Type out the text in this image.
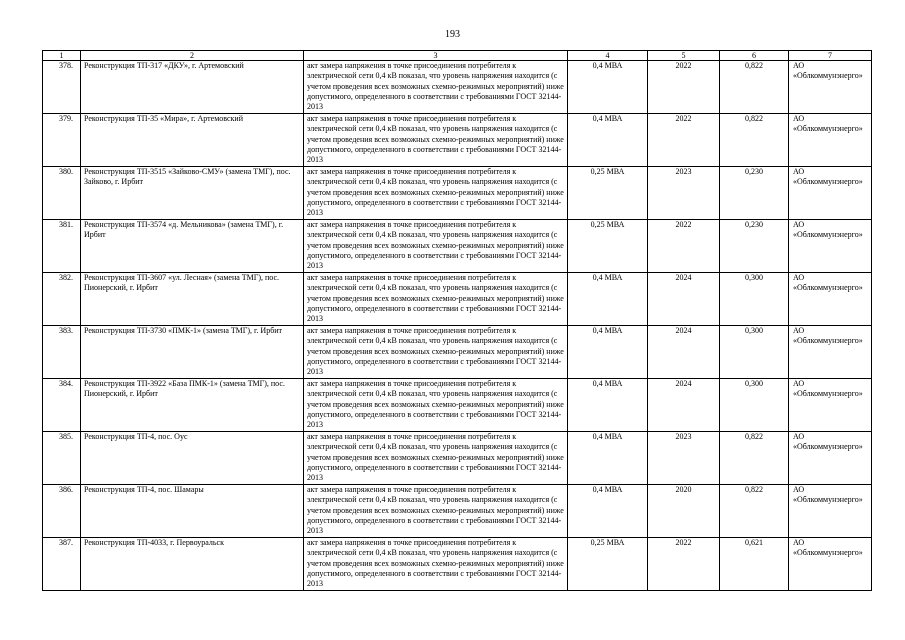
193
1	2	3	4	5	6	7
378.	Реконструкция ТП-317 «ДКУ», г. Артемовский	акт замера напряжения в точке присоединения потребителя к электрической сети 0,4 кВ показал, что уровень напряжения находится (с учетом проведения всех возможных схемно-режимных мероприятий) ниже допустимого, определенного в соответствии с требованиями ГОСТ 32144-2013	0,4 МВА	2022	0,822	АО «Облкоммунэнерго»
379.	Реконструкция ТП-35 «Мира», г. Артемовский	акт замера напряжения в точке присоединения потребителя к электрической сети 0,4 кВ показал, что уровень напряжения находится (с учетом проведения всех возможных схемно-режимных мероприятий) ниже допустимого, определенного в соответствии с требованиями ГОСТ 32144-2013	0,4 МВА	2022	0,822	АО «Облкоммунэнерго»
380.	Реконструкция ТП-3515 «Зайково-СМУ» (замена ТМГ), пос. Зайково, г. Ирбит	акт замера напряжения в точке присоединения потребителя к электрической сети 0,4 кВ показал, что уровень напряжения находится (с учетом проведения всех возможных схемно-режимных мероприятий) ниже допустимого, определенного в соответствии с требованиями ГОСТ 32144-2013	0,25 МВА	2023	0,230	АО «Облкоммунэнерго»
381.	Реконструкция ТП-3574 «д. Мельникова» (замена ТМГ), г. Ирбит	акт замера напряжения в точке присоединения потребителя к электрической сети 0,4 кВ показал, что уровень напряжения находится (с учетом проведения всех возможных схемно-режимных мероприятий) ниже допустимого, определенного в соответствии с требованиями ГОСТ 32144-2013	0,25 МВА	2022	0,230	АО «Облкоммунэнерго»
382.	Реконструкция ТП-3607 «ул. Лесная» (замена ТМГ), пос. Пионерский, г. Ирбит	акт замера напряжения в точке присоединения потребителя к электрической сети 0,4 кВ показал, что уровень напряжения находится (с учетом проведения всех возможных схемно-режимных мероприятий) ниже допустимого, определенного в соответствии с требованиями ГОСТ 32144-2013	0,4 МВА	2024	0,300	АО «Облкоммунэнерго»
383.	Реконструкция ТП-3730 «ПМК-1» (замена ТМГ), г. Ирбит	акт замера напряжения в точке присоединения потребителя к электрической сети 0,4 кВ показал, что уровень напряжения находится (с учетом проведения всех возможных схемно-режимных мероприятий) ниже допустимого, определенного в соответствии с требованиями ГОСТ 32144-2013	0,4 МВА	2024	0,300	АО «Облкоммунэнерго»
384.	Реконструкция ТП-3922 «База ПМК-1» (замена ТМГ), пос. Пионерский, г. Ирбит	акт замера напряжения в точке присоединения потребителя к электрической сети 0,4 кВ показал, что уровень напряжения находится (с учетом проведения всех возможных схемно-режимных мероприятий) ниже допустимого, определенного в соответствии с требованиями ГОСТ 32144-2013	0,4 МВА	2024	0,300	АО «Облкоммунэнерго»
385.	Реконструкция ТП-4, пос. Оус	акт замера напряжения в точке присоединения потребителя к электрической сети 0,4 кВ показал, что уровень напряжения находится (с учетом проведения всех возможных схемно-режимных мероприятий) ниже допустимого, определенного в соответствии с требованиями ГОСТ 32144-2013	0,4 МВА	2023	0,822	АО «Облкоммунэнерго»
386.	Реконструкция ТП-4, пос. Шамары	акт замера напряжения в точке присоединения потребителя к электрической сети 0,4 кВ показал, что уровень напряжения находится (с учетом проведения всех возможных схемно-режимных мероприятий) ниже допустимого, определенного в соответствии с требованиями ГОСТ 32144-2013	0,4 МВА	2020	0,822	АО «Облкоммунэнерго»
387.	Реконструкция ТП-4033, г. Первоуральск	акт замера напряжения в точке присоединения потребителя к электрической сети 0,4 кВ показал, что уровень напряжения находится (с учетом проведения всех возможных схемно-режимных мероприятий) ниже допустимого, определенного в соответствии с требованиями ГОСТ 32144-2013	0,25 МВА	2022	0,621	АО «Облкоммунэнерго»
